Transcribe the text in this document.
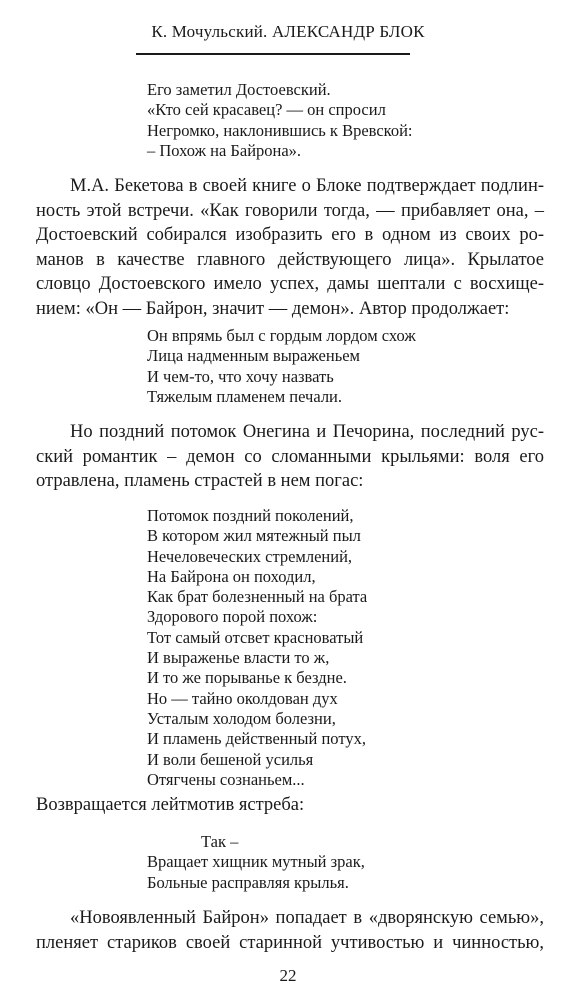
К. Мочульский. АЛЕКСАНДР БЛОК
Его заметил Достоевский.
«Кто сей красавец? — он спросил
Негромко, наклонившись к Вревской:
– Похож на Байрона».
М.А. Бекетова в своей книге о Блоке подтверждает подлин-
ность этой встречи. «Как говорили тогда, — прибавляет она, –
Достоевский собирался изобразить его в одном из своих ро-
манов в качестве главного действующего лица». Крылатое
словцо Достоевского имело успех, дамы шептали с восхище-
нием: «Он — Байрон, значит — демон». Автор продолжает:
Он впрямь был с гордым лордом схож
Лица надменным выраженьем
И чем-то, что хочу назвать
Тяжелым пламенем печали.
Но поздний потомок Онегина и Печорина, последний рус-
ский романтик – демон со сломанными крыльями: воля его
отравлена, пламень страстей в нем погас:
Потомок поздний поколений,
В котором жил мятежный пыл
Нечеловеческих стремлений,
На Байрона он походил,
Как брат болезненный на брата
Здорового порой похож:
Тот самый отсвет красноватый
И выраженье власти то ж,
И то же порыванье к бездне.
Но — тайно околдован дух
Усталым холодом болезни,
И пламень действенный потух,
И воли бешеной усилья
Отягчены сознаньем...
Возвращается лейтмотив ястреба:
Так –
Вращает хищник мутный зрак,
Больные расправляя крылья.
«Новоявленный Байрон» попадает в «дворянскую семью»,
пленяет стариков своей старинной учтивостью и чинностью,
22
